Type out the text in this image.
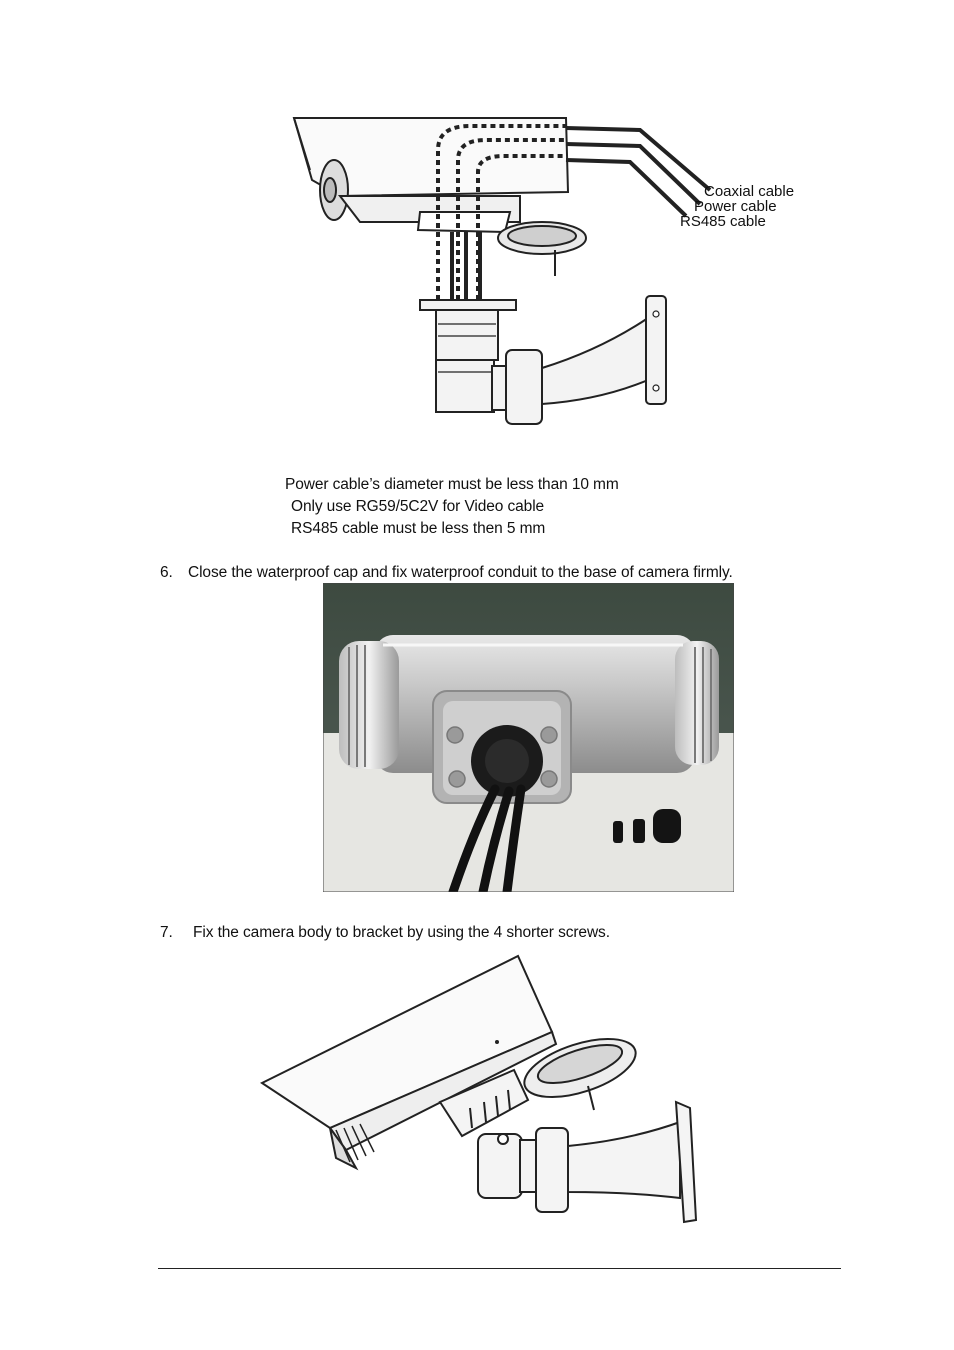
Coaxial cable
Power cable
RS485 cable
Power cable’s diameter must be less than 10 mm
Only use RG59/5C2V for Video cable
RS485 cable must be less then 5 mm
6. Close the waterproof cap and fix waterproof conduit to the base of camera firmly.
7. Fix the camera body to bracket by using the 4 shorter screws.
